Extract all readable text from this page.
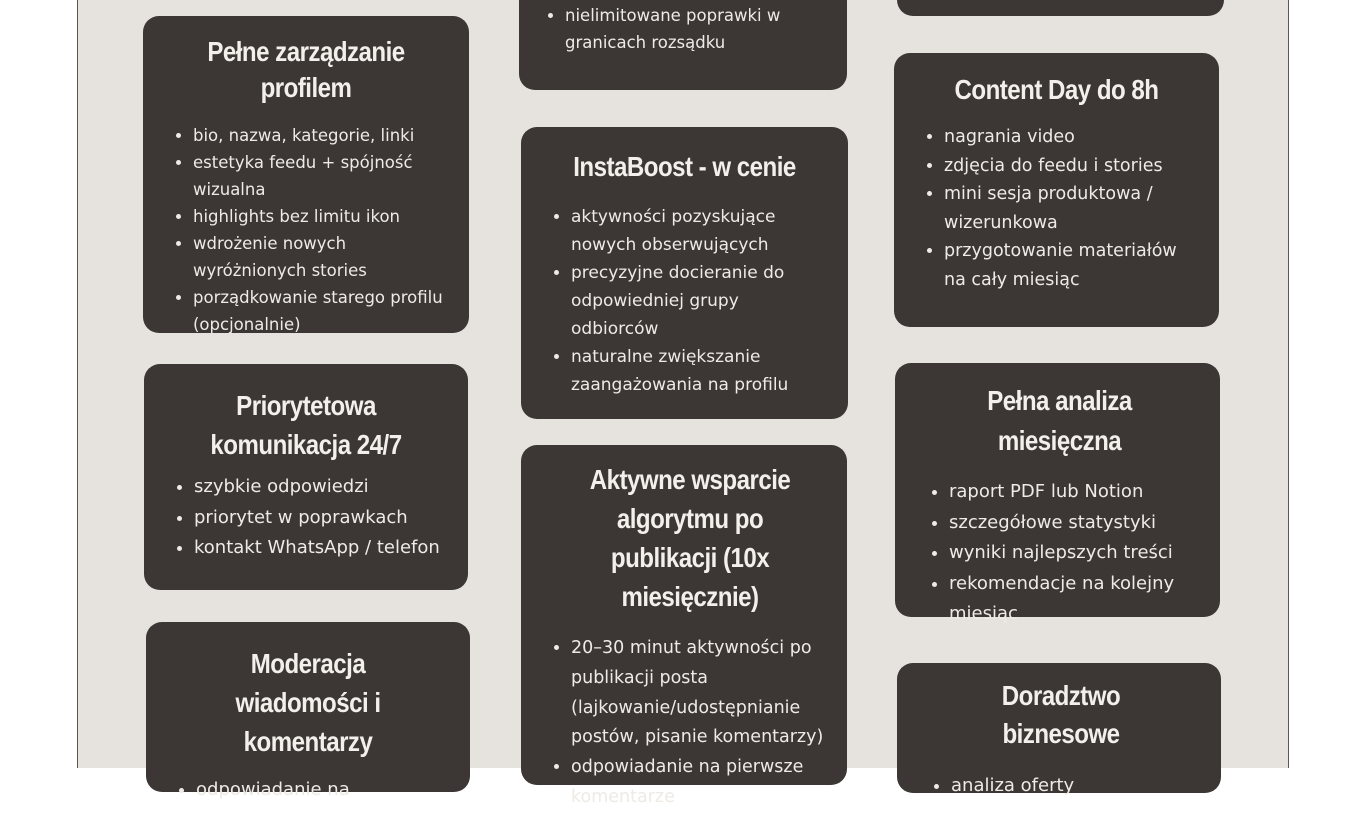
Pełne zarządzanie profilem
• bio, nazwa, kategorie, linki
• estetyka feedu + spójność wizualna
• highlights bez limitu ikon
• wdrożenie nowych wyróżnionych stories
• porządkowanie starego profilu (opcjonalnie)
Priorytetowa komunikacja 24/7
• szybkie odpowiedzi
• priorytet w poprawkach
• kontakt WhatsApp / telefon
Moderacja wiadomości i komentarzy
• odpowiadanie na
• nielimitowane poprawki w granicach rozsądku
InstaBoost - w cenie
• aktywności pozyskujące nowych obserwujących
• precyzyjne docieranie do odpowiedniej grupy odbiorców
• naturalne zwiększanie zaangażowania na profilu
Aktywne wsparcie algorytmu po publikacji (10x miesięcznie)
• 20–30 minut aktywności po publikacji posta (lajkowanie/udostępnianie postów, pisanie komentarzy)
• odpowiadanie na pierwsze komentarze
Content Day do 8h
• nagrania video
• zdjęcia do feedu i stories
• mini sesja produktowa / wizerunkowa
• przygotowanie materiałów na cały miesiąc
Pełna analiza miesięczna
• raport PDF lub Notion
• szczegółowe statystyki
• wyniki najlepszych treści
• rekomendacje na kolejny miesiąc
Doradztwo biznesowe
• analiza oferty
